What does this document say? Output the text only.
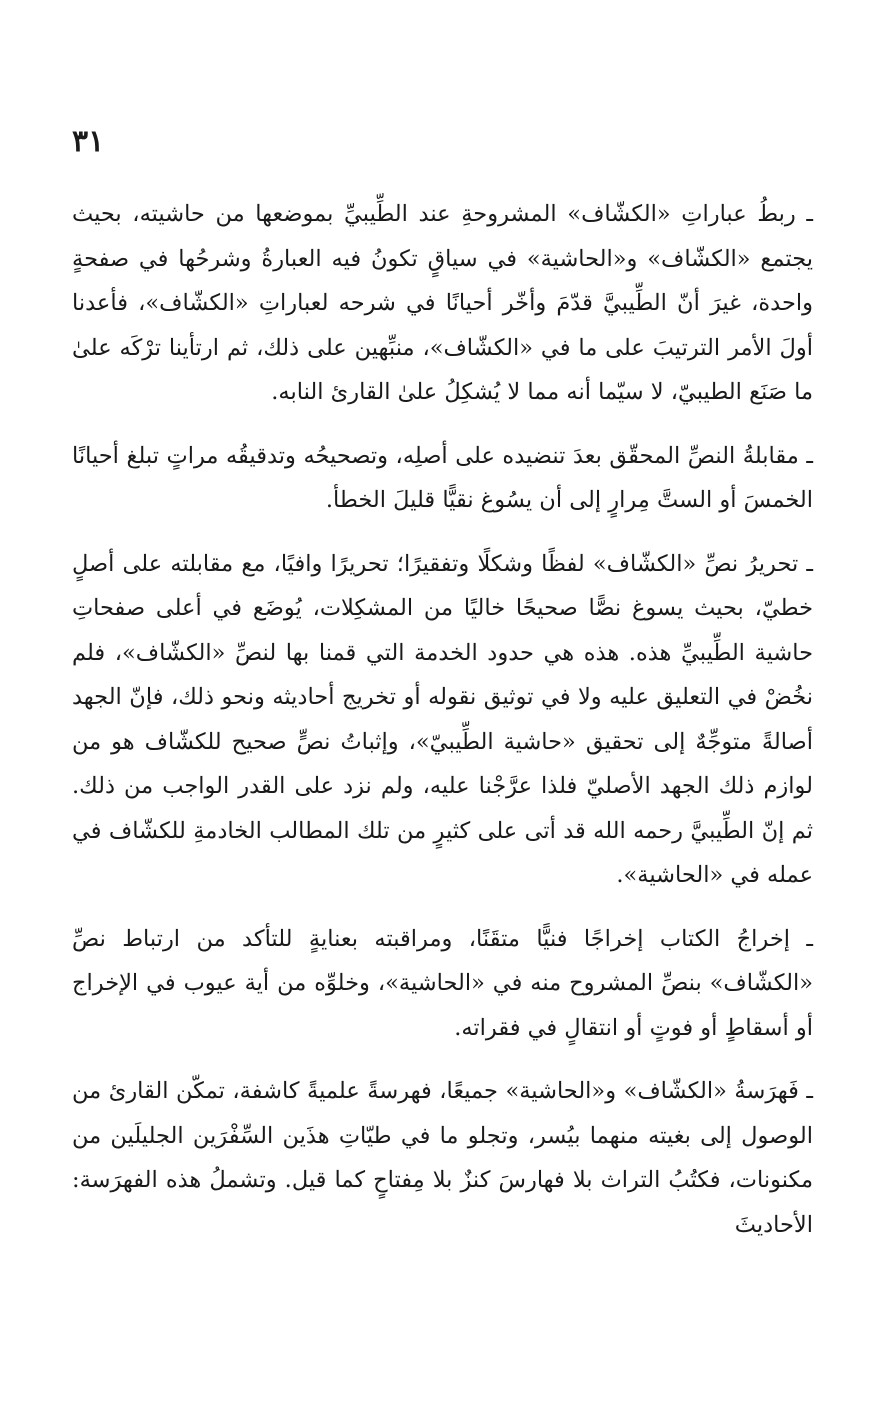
٣١

ـ ربطُ عباراتِ «الكشّاف» المشروحةِ عند الطِّيبيِّ بموضعها من حاشيته، بحيث يجتمع «الكشّاف» و«الحاشية» في سياقٍ تكونُ فيه العبارةُ وشرحُها في صفحةٍ واحدة، غيرَ أنّ الطِّيبيَّ قدّمَ وأخّر أحيانًا في شرحه لعباراتِ «الكشّاف»، فأعدنا أولَ الأمر الترتيبَ على ما في «الكشّاف»، منبِّهين على ذلك، ثم ارتأينا ترْكَه علىٰ ما صَنَع الطيبيّ، لا سيّما أنه مما لا يُشكِلُ علىٰ القارئ النابه.

ـ مقابلةُ النصِّ المحقّق بعدَ تنضيده على أصلِه، وتصحيحُه وتدقيقُه مراتٍ تبلغ أحيانًا الخمسَ أو الستَّ مِرارٍ إلى أن يسُوغ نقيًّا قليلَ الخطأ.

ـ تحريرُ نصِّ «الكشّاف» لفظًا وشكلًا وتفقيرًا؛ تحريرًا وافيًا، مع مقابلته على أصلٍ خطيّ، بحيث يسوغ نصًّا صحيحًا خاليًا من المشكِلات، يُوضَع في أعلى صفحاتِ حاشية الطِّيبيِّ هذه. هذه هي حدود الخدمة التي قمنا بها لنصِّ «الكشّاف»، فلم نخُضْ في التعليق عليه ولا في توثيق نقوله أو تخريج أحاديثه ونحو ذلك، فإنّ الجهد أصالةً متوجِّهٌ إلى تحقيق «حاشية الطِّيبيّ»، وإثباتُ نصٍّ صحيح للكشّاف هو من لوازم ذلك الجهد الأصليّ فلذا عرَّجْنا عليه، ولم نزد على القدر الواجب من ذلك. ثم إنّ الطِّيبيَّ رحمه الله قد أتى على كثيرٍ من تلك المطالب الخادمةِ للكشّاف في عمله في «الحاشية».

ـ إخراجُ الكتاب إخراجًا فنيًّا متقَنًا، ومراقبته بعنايةٍ للتأكد من ارتباط نصِّ «الكشّاف» بنصِّ المشروح منه في «الحاشية»، وخلوِّه من أية عيوب في الإخراج أو أسقاطٍ أو فوتٍ أو انتقالٍ في فقراته.

ـ فَهرَسةُ «الكشّاف» و«الحاشية» جميعًا، فهرسةً علميةً كاشفة، تمكّن القارئ من الوصول إلى بغيته منهما بيُسر، وتجلو ما في طيّاتِ هذَين السِّفْرَين الجليلَين من مكنونات، فكتُبُ التراث بلا فهارسَ كنزٌ بلا مِفتاحٍ كما قيل. وتشملُ هذه الفهرَسة: الأحاديثَ
